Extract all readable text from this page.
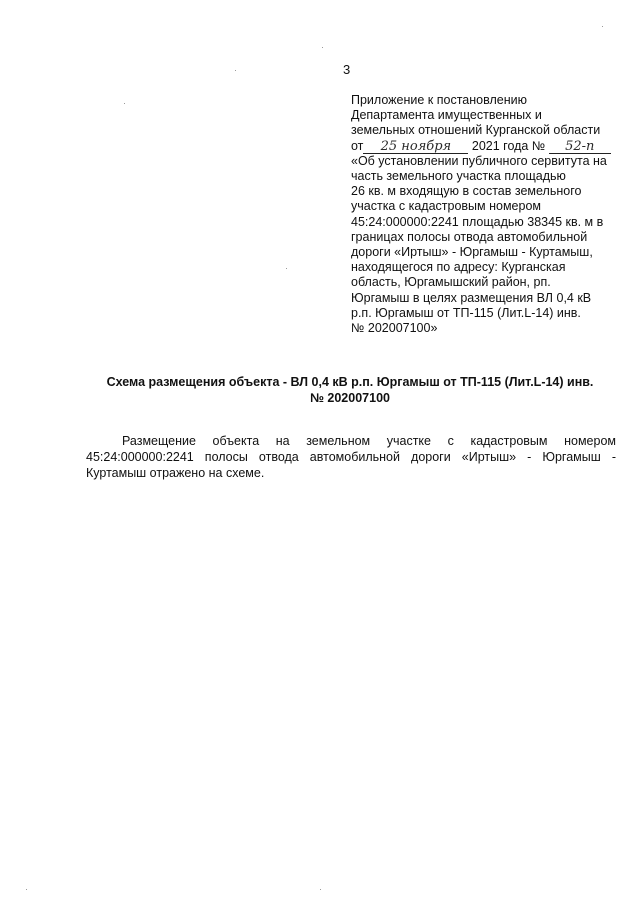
3
Приложение к постановлению
Департамента имущественных и
земельных отношений Курганской области
от 25 ноября 2021 года № 52-п
«Об установлении публичного сервитута на
часть земельного участка площадью
26 кв. м входящую в состав земельного
участка с кадастровым номером
45:24:000000:2241 площадью 38345 кв. м в
границах полосы отвода автомобильной
дороги «Иртыш» - Юргамыш - Куртамыш,
находящегося по адресу: Курганская
область, Юргамышский район, рп.
Юргамыш в целях размещения ВЛ 0,4 кВ
р.п. Юргамыш от ТП-115 (Лит.L-14) инв.
№ 202007100»
Схема размещения объекта - ВЛ 0,4 кВ р.п. Юргамыш от ТП-115 (Лит.L-14) инв.
№ 202007100
Размещение объекта на земельном участке с кадастровым номером
45:24:000000:2241 полосы отвода автомобильной дороги «Иртыш» - Юргамыш -
Куртамыш отражено на схеме.
